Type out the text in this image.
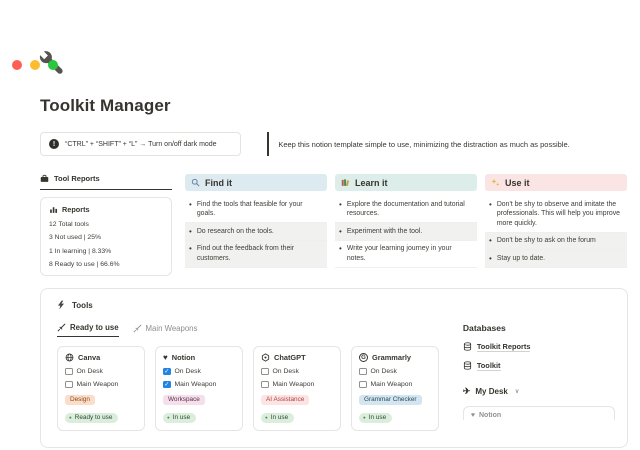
Toolkit Manager
!
“CTRL” + “SHIFT” + “L” → Turn on/off dark mode	Keep this notion template simple to use, minimizing the distraction as much as possible.
Tool Reports
Reports
12 Total tools
3 Not used | 25%
1 In learning | 8.33%
8 Ready to use | 66.6%
Find it
• Find the tools that feasible for your goals.
• Do research on the tools.
• Find out the feedback from their customers.
Learn it
• Explore the documentation and tutorial resources.
• Experiment with the tool.
• Write your learning journey in your notes.
Use it
• Don't be shy to observe and imitate the professionals. This will help you improve more quickly.
• Don't be shy to ask on the forum
• Stay up to date.
Tools
Ready to use	Main Weapons
Canva
On Desk
Main Weapon
Design
● Ready to use
♥ Notion
✓
On Desk
✓
Main Weapon
Workspace
● In use
ChatGPT
On Desk
Main Weapon
AI Assistance
● In use
G Grammarly
On Desk
Main Weapon
Grammar Checker
● In use
Databases
Toolkit Reports
Toolkit
✈ My Desk ∨
♥ Notion
